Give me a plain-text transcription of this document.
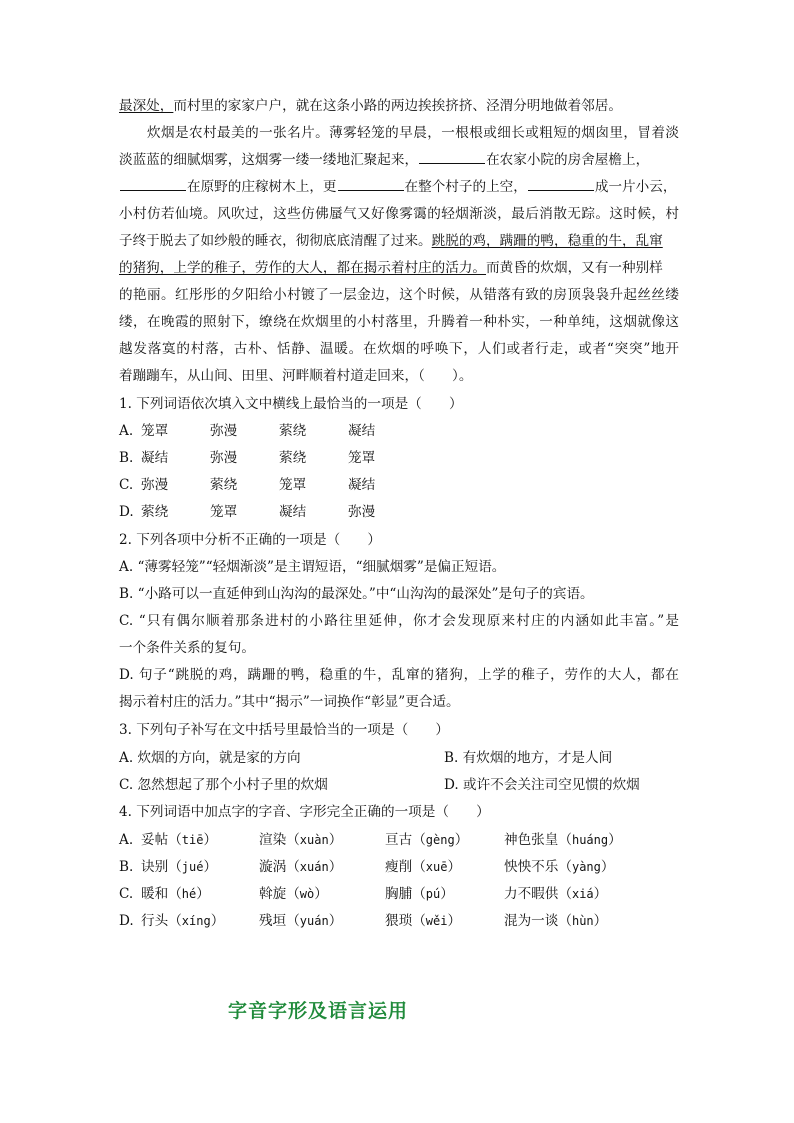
最深处，而村里的家家户户，就在这条小路的两边挨挨挤挤、泾渭分明地做着邻居。
炊烟是农村最美的一张名片。薄雾轻笼的早晨，一根根或细长或粗短的烟囱里，冒着淡
淡蓝蓝的细腻烟雾，这烟雾一缕一缕地汇聚起来，	在农家小院的房舍屋檐上，
在原野的庄稼树木上，更	在整个村子的上空，	成一片小云，
小村仿若仙境。风吹过，这些仿佛蜃气又好像雾霭的轻烟渐淡，最后消散无踪。这时候，村
子终于脱去了如纱般的睡衣，彻彻底底清醒了过来。跳脱的鸡，蹒跚的鸭，稳重的牛，乱窜
的猪狗，上学的稚子，劳作的大人，都在揭示着村庄的活力。而黄昏的炊烟，又有一种别样
的艳丽。红彤彤的夕阳给小村镀了一层金边，这个时候，从错落有致的房顶袅袅升起丝丝缕
缕，在晚霞的照射下，缭绕在炊烟里的小村落里，升腾着一种朴实，一种单纯，这烟就像这
越发落寞的村落，古朴、恬静、温暖。在炊烟的呼唤下，人们或者行走，或者“突突”地开
着蹦蹦车，从山间、田里、河畔顺着村道走回来，（　　）。
1. 下列词语依次填入文中横线上最恰当的一项是（　　）
A. 笼罩	弥漫	萦绕	凝结
B. 凝结	弥漫	萦绕	笼罩
C. 弥漫	萦绕	笼罩	凝结
D. 萦绕	笼罩	凝结	弥漫
2. 下列各项中分析不正确的一项是（　　）
A. “薄雾轻笼”“轻烟渐淡”是主谓短语，“细腻烟雾”是偏正短语。
B. “小路可以一直延伸到山沟沟的最深处。”中“山沟沟的最深处”是句子的宾语。
C. “只有偶尔顺着那条进村的小路往里延伸，你才会发现原来村庄的内涵如此丰富。”是
一个条件关系的复句。
D. 句子“跳脱的鸡，蹒跚的鸭，稳重的牛，乱窜的猪狗，上学的稚子，劳作的大人，都在
揭示着村庄的活力。”其中“揭示”一词换作“彰显”更合适。
3. 下列句子补写在文中括号里最恰当的一项是（　　）
A. 炊烟的方向，就是家的方向	B. 有炊烟的地方，才是人间
C. 忽然想起了那个小村子里的炊烟	D. 或许不会关注司空见惯的炊烟
4. 下列词语中加点字的字音、字形完全正确的一项是（　　）
A. 妥帖（tiē）	渲染（xuàn）	亘古（gèng）	神色张皇（huáng）
B. 诀别（jué）	漩涡（xuán）	瘦削（xuē）	怏怏不乐（yàng）
C. 暖和（hé）	斡旋（wò）	胸脯（pú）	力不暇供（xiá）
D. 行头（xíng）	残垣（yuán）	猥琐（wěi）	混为一谈（hùn）
字音字形及语言运用
